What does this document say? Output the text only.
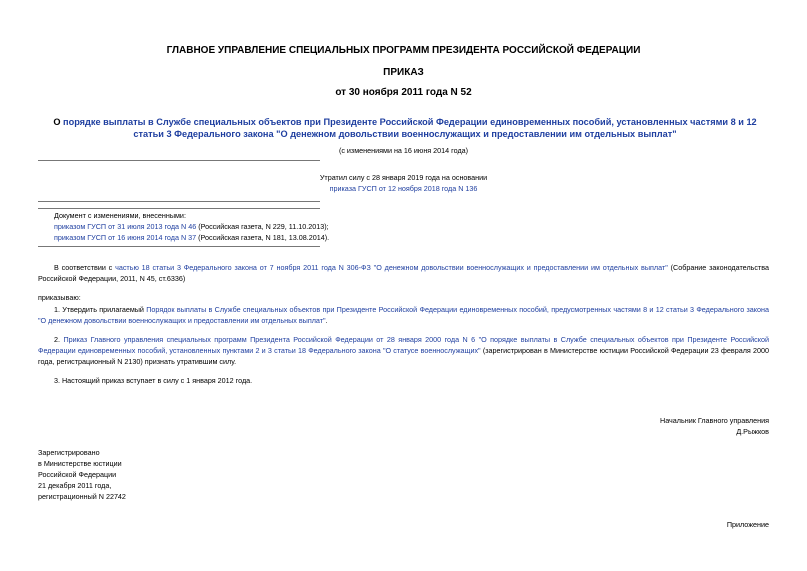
ГЛАВНОЕ УПРАВЛЕНИЕ СПЕЦИАЛЬНЫХ ПРОГРАММ ПРЕЗИДЕНТА РОССИЙСКОЙ ФЕДЕРАЦИИ
ПРИКАЗ
от 30 ноября 2011 года N 52
О порядке выплаты в Службе специальных объектов при Президенте Российской Федерации единовременных пособий, установленных частями 8 и 12 статьи 3 Федерального закона "О денежном довольствии военнослужащих и предоставлении им отдельных выплат"
(с изменениями на 16 июня 2014 года)

Утратил силу с 28 января 2019 года на основании

приказа ГУСП от 12 ноября 2018 года N 136

Документ с изменениями, внесенными:

приказом ГУСП от 31 июля 2013 года N 46 (Российская газета, N 229, 11.10.2013);

приказом ГУСП от 16 июня 2014 года N 37 (Российская газета, N 181, 13.08.2014).

В соответствии с частью 18 статьи 3 Федерального закона от 7 ноября 2011 года N 306-ФЗ "О денежном довольствии военнослужащих и предоставлении им отдельных выплат" (Собрание законодательства Российской Федерации, 2011, N 45, ст.6336)
приказываю:
1. Утвердить прилагаемый Порядок выплаты в Службе специальных объектов при Президенте Российской Федерации единовременных пособий, предусмотренных частями 8 и 12 статьи 3 Федерального закона "О денежном довольствии военнослужащих и предоставлении им отдельных выплат".
2. Приказ Главного управления специальных программ Президента Российской Федерации от 28 января 2000 года N 6 "О порядке выплаты в Службе специальных объектов при Президенте Российской Федерации единовременных пособий, установленных пунктами 2 и 3 статьи 18 Федерального закона "О статусе военнослужащих" (зарегистрирован в Министерстве юстиции Российской Федерации 23 февраля 2000 года, регистрационный N 2130) признать утратившим силу.
3. Настоящий приказ вступает в силу с 1 января 2012 года.

Начальник Главного управления

Д.Рыжков

Зарегистрировано

в Министерстве юстиции

Российской Федерации

21 декабря 2011 года,

регистрационный N 22742

Приложение
